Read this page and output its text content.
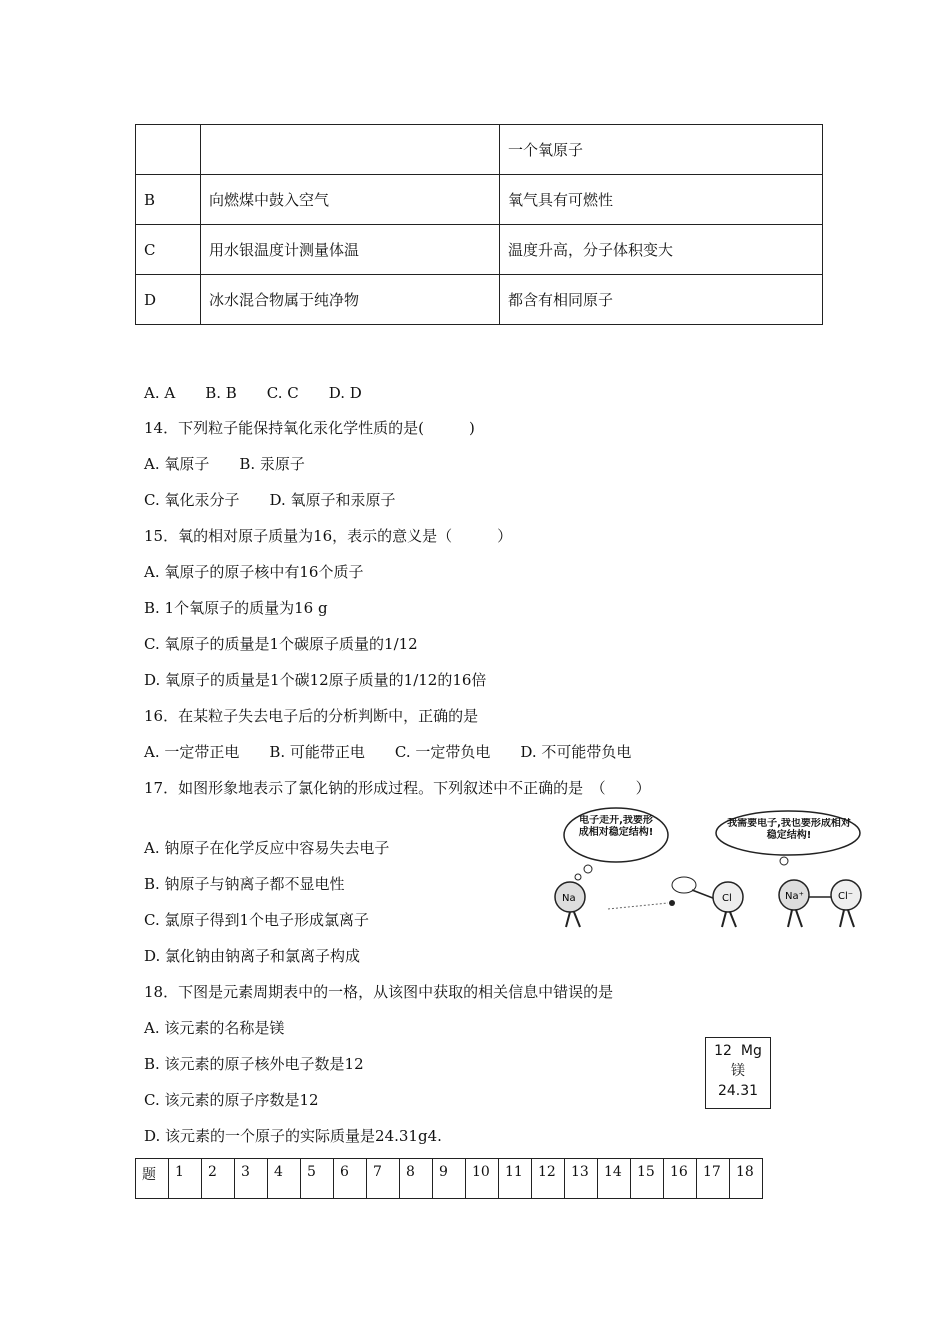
		一个氧原子
B	向燃煤中鼓入空气	氧气具有可燃性
C	用水银温度计测量体温	温度升高，分子体积变大
D	冰水混合物属于纯净物	都含有相同原子
A. A　　B. B　　C. C　　D. D
14．下列粒子能保持氧化汞化学性质的是(　　　)
A. 氧原子　　B. 汞原子
C. 氧化汞分子　　D. 氧原子和汞原子
15．氧的相对原子质量为16，表示的意义是（　　　）
A. 氧原子的原子核中有16个质子
B. 1个氧原子的质量为16 g
C. 氧原子的质量是1个碳原子质量的1/12
D. 氧原子的质量是1个碳12原子质量的1/12的16倍
16．在某粒子失去电子后的分析判断中，正确的是
A. 一定带正电　　B. 可能带正电　　C. 一定带负电　　D. 不可能带负电
17．如图形象地表示了氯化钠的形成过程。下列叙述中不正确的是　（　　）
A. 钠原子在化学反应中容易失去电子
B. 钠原子与钠离子都不显电性
C. 氯原子得到1个电子形成氯离子
D. 氯化钠由钠离子和氯离子构成
电子走开,我要形成相对稳定结构!
我需要电子,我也要形成相对稳定结构!
Na	Cl	Na⁺	Cl⁻
18．下图是元素周期表中的一格，从该图中获取的相关信息中错误的是
A. 该元素的名称是镁
B. 该元素的原子核外电子数是12
C. 该元素的原子序数是12
D. 该元素的一个原子的实际质量是24.31g4.
12 Mg
镁
24.31
题	1	2	3	4	5	6	7	8	9	10	11	12	13	14	15	16	17	18
